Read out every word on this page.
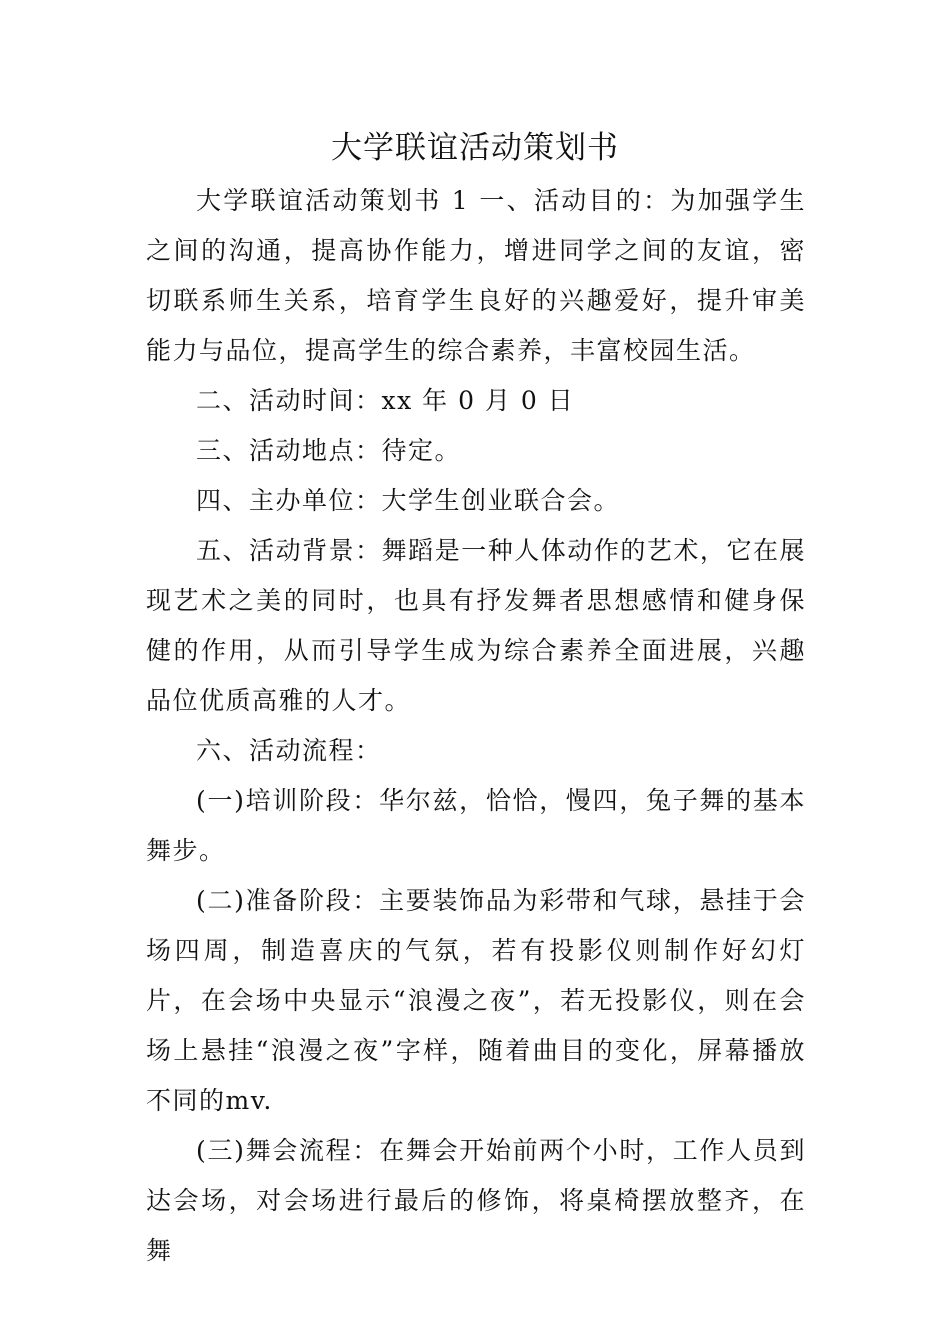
大学联谊活动策划书

大学联谊活动策划书 1 一、活动目的：为加强学生之间的沟通，提高协作能力，增进同学之间的友谊，密切联系师生关系，培育学生良好的兴趣爱好，提升审美能力与品位，提高学生的综合素养，丰富校园生活。

二、活动时间：xx 年 0 月 0 日

三、活动地点：待定。

四、主办单位：大学生创业联合会。

五、活动背景：舞蹈是一种人体动作的艺术，它在展现艺术之美的同时，也具有抒发舞者思想感情和健身保健的作用，从而引导学生成为综合素养全面进展，兴趣品位优质高雅的人才。

六、活动流程：

(一)培训阶段：华尔兹，恰恰，慢四，兔子舞的基本舞步。

(二)准备阶段：主要装饰品为彩带和气球，悬挂于会场四周，制造喜庆的气氛，若有投影仪则制作好幻灯片，在会场中央显示“浪漫之夜”，若无投影仪，则在会场上悬挂“浪漫之夜”字样，随着曲目的变化，屏幕播放不同的mv.

(三)舞会流程：在舞会开始前两个小时，工作人员到达会场，对会场进行最后的修饰，将桌椅摆放整齐，在舞
